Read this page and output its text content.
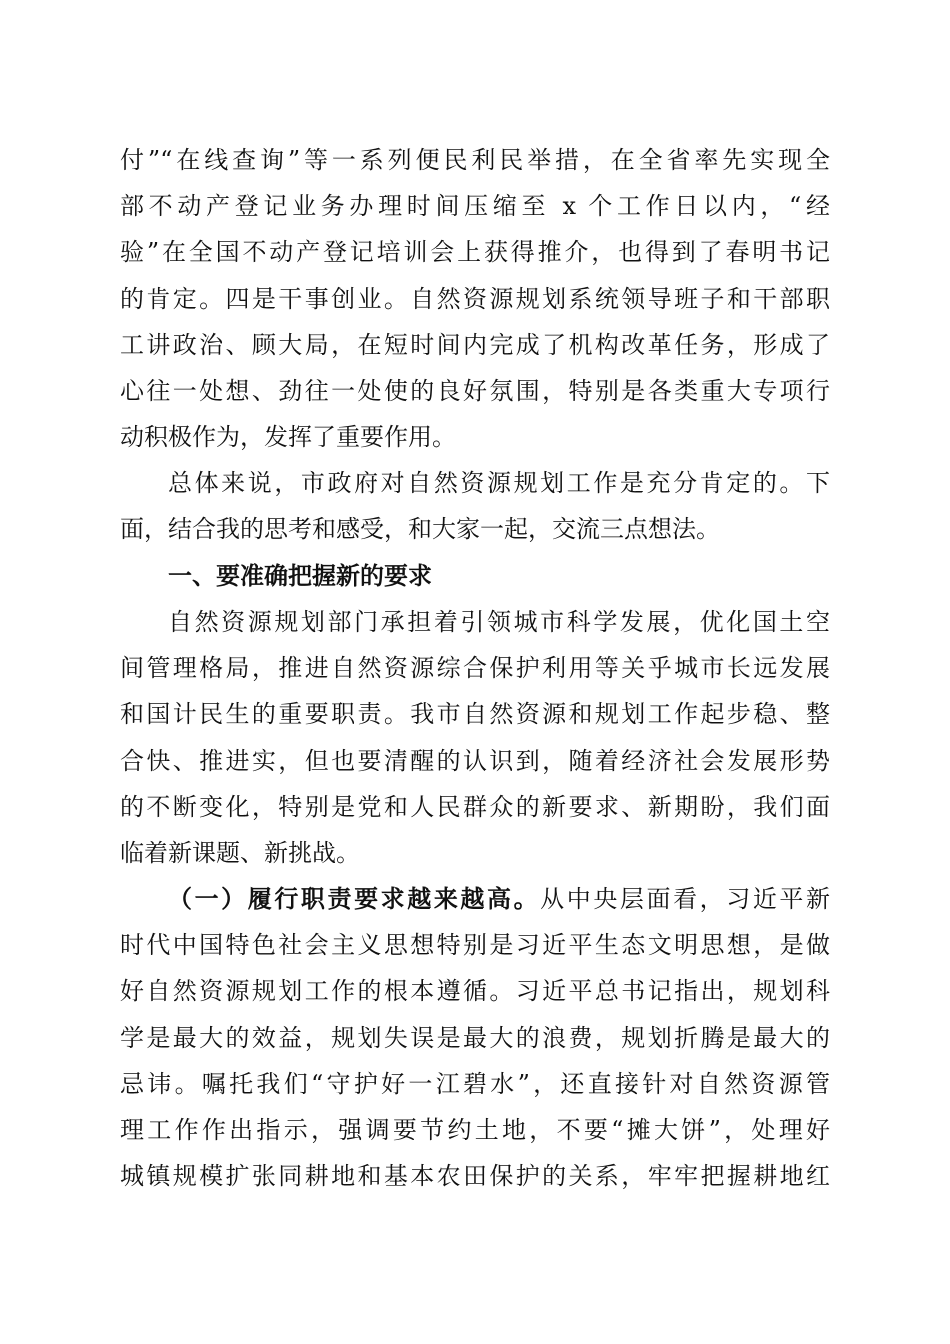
付”“在线查询”等一系列便民利民举措，在全省率先实现全
部不动产登记业务办理时间压缩至 x 个工作日以内，“经
验”在全国不动产登记培训会上获得推介，也得到了春明书记
的肯定。四是干事创业。自然资源规划系统领导班子和干部职
工讲政治、顾大局，在短时间内完成了机构改革任务，形成了
心往一处想、劲往一处使的良好氛围，特别是各类重大专项行
动积极作为，发挥了重要作用。
总体来说，市政府对自然资源规划工作是充分肯定的。下
面，结合我的思考和感受，和大家一起，交流三点想法。
一、要准确把握新的要求
自然资源规划部门承担着引领城市科学发展，优化国土空
间管理格局，推进自然资源综合保护利用等关乎城市长远发展
和国计民生的重要职责。我市自然资源和规划工作起步稳、整
合快、推进实，但也要清醒的认识到，随着经济社会发展形势
的不断变化，特别是党和人民群众的新要求、新期盼，我们面
临着新课题、新挑战。
（一）履行职责要求越来越高。从中央层面看，习近平新
时代中国特色社会主义思想特别是习近平生态文明思想，是做
好自然资源规划工作的根本遵循。习近平总书记指出，规划科
学是最大的效益，规划失误是最大的浪费，规划折腾是最大的
忌讳。嘱托我们“守护好一江碧水”，还直接针对自然资源管
理工作作出指示，强调要节约土地，不要“摊大饼”，处理好
城镇规模扩张同耕地和基本农田保护的关系，牢牢把握耕地红
